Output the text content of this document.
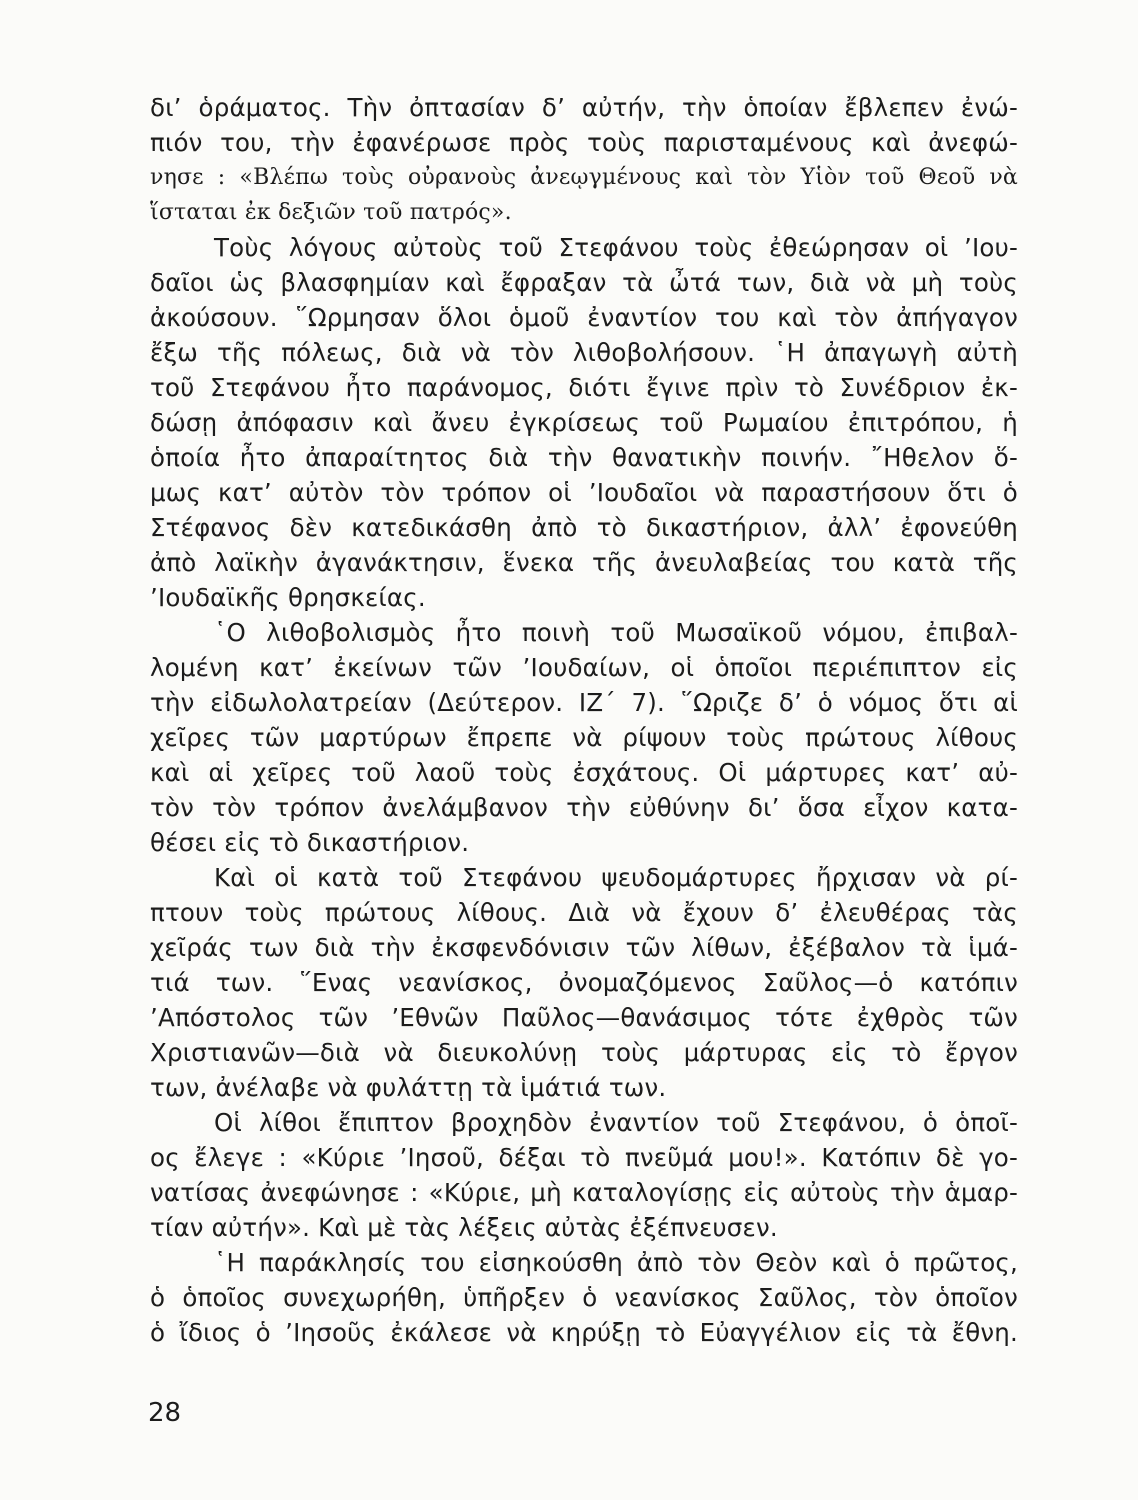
δι’ ὁράματος. Τὴν ὀπτασίαν δ’ αὐτήν, τὴν ὁποίαν ἔβλεπεν ἐνώ-
πιόν του, τὴν ἐφανέρωσε πρὸς τοὺς παρισταμένους καὶ ἀνεφώ-
νησε : «Βλέπω τοὺς οὐρανοὺς ἀνεῳγμένους καὶ τὸν Υἱὸν τοῦ Θεοῦ νὰ
ἵσταται ἐκ δεξιῶν τοῦ πατρός».
Τοὺς λόγους αὐτοὺς τοῦ Στεφάνου τοὺς ἐθεώρησαν οἱ ’Ιου-
δαῖοι ὡς βλασφημίαν καὶ ἔφραξαν τὰ ὦτά των, διὰ νὰ μὴ τοὺς
ἀκούσουν. ῞Ωρμησαν ὅλοι ὁμοῦ ἐναντίον του καὶ τὸν ἀπήγαγον
ἔξω τῆς πόλεως, διὰ νὰ τὸν λιθοβολήσουν. ῾Η ἀπαγωγὴ αὐτὴ
τοῦ Στεφάνου ἦτο παράνομος, διότι ἔγινε πρὶν τὸ Συνέδριον ἐκ-
δώσῃ ἀπόφασιν καὶ ἄνευ ἐγκρίσεως τοῦ Ρωμαίου ἐπιτρόπου, ἡ
ὁποία ἦτο ἀπαραίτητος διὰ τὴν θανατικὴν ποινήν. ῎Ηθελον ὅ-
μως κατ’ αὐτὸν τὸν τρόπον οἱ ’Ιουδαῖοι νὰ παραστήσουν ὅτι ὁ
Στέφανος δὲν κατεδικάσθη ἀπὸ τὸ δικαστήριον, ἀλλ’ ἐφονεύθη
ἀπὸ λαϊκὴν ἀγανάκτησιν, ἕνεκα τῆς ἀνευλαβείας του κατὰ τῆς
’Ιουδαϊκῆς θρησκείας.
῾Ο λιθοβολισμὸς ἦτο ποινὴ τοῦ Μωσαϊκοῦ νόμου, ἐπιβαλ-
λομένη κατ’ ἐκείνων τῶν ’Ιουδαίων, οἱ ὁποῖοι περιέπιπτον εἰς
τὴν εἰδωλολατρείαν (Δεύτερον. ΙΖ΄ 7). ῞Ωριζε δ’ ὁ νόμος ὅτι αἱ
χεῖρες τῶν μαρτύρων ἔπρεπε νὰ ρίψουν τοὺς πρώτους λίθους
καὶ αἱ χεῖρες τοῦ λαοῦ τοὺς ἐσχάτους. Οἱ μάρτυρες κατ’ αὐ-
τὸν τὸν τρόπον ἀνελάμβανον τὴν εὐθύνην δι’ ὅσα εἶχον κατα-
θέσει εἰς τὸ δικαστήριον.
Καὶ οἱ κατὰ τοῦ Στεφάνου ψευδομάρτυρες ἤρχισαν νὰ ρί-
πτουν τοὺς πρώτους λίθους. Διὰ νὰ ἔχουν δ’ ἐλευθέρας τὰς
χεῖράς των διὰ τὴν ἐκσφενδόνισιν τῶν λίθων, ἐξέβαλον τὰ ἱμά-
τιά των. ῞Ενας νεανίσκος, ὀνομαζόμενος Σαῦλος—ὁ κατόπιν
’Απόστολος τῶν ’Εθνῶν Παῦλος—θανάσιμος τότε ἐχθρὸς τῶν
Χριστιανῶν—διὰ νὰ διευκολύνῃ τοὺς μάρτυρας εἰς τὸ ἔργον
των, ἀνέλαβε νὰ φυλάττῃ τὰ ἱμάτιά των.
Οἱ λίθοι ἔπιπτον βροχηδὸν ἐναντίον τοῦ Στεφάνου, ὁ ὁποῖ-
ος ἔλεγε : «Κύριε ’Ιησοῦ, δέξαι τὸ πνεῦμά μου!». Κατόπιν δὲ γο-
νατίσας ἀνεφώνησε : «Κύριε, μὴ καταλογίσῃς εἰς αὐτοὺς τὴν ἁμαρ-
τίαν αὐτήν». Καὶ μὲ τὰς λέξεις αὐτὰς ἐξέπνευσεν.
῾Η παράκλησίς του εἰσηκούσθη ἀπὸ τὸν Θεὸν καὶ ὁ πρῶτος,
ὁ ὁποῖος συνεχωρήθη, ὑπῆρξεν ὁ νεανίσκος Σαῦλος, τὸν ὁποῖον
ὁ ἴδιος ὁ ’Ιησοῦς ἐκάλεσε νὰ κηρύξῃ τὸ Εὐαγγέλιον εἰς τὰ ἔθνη.
28
